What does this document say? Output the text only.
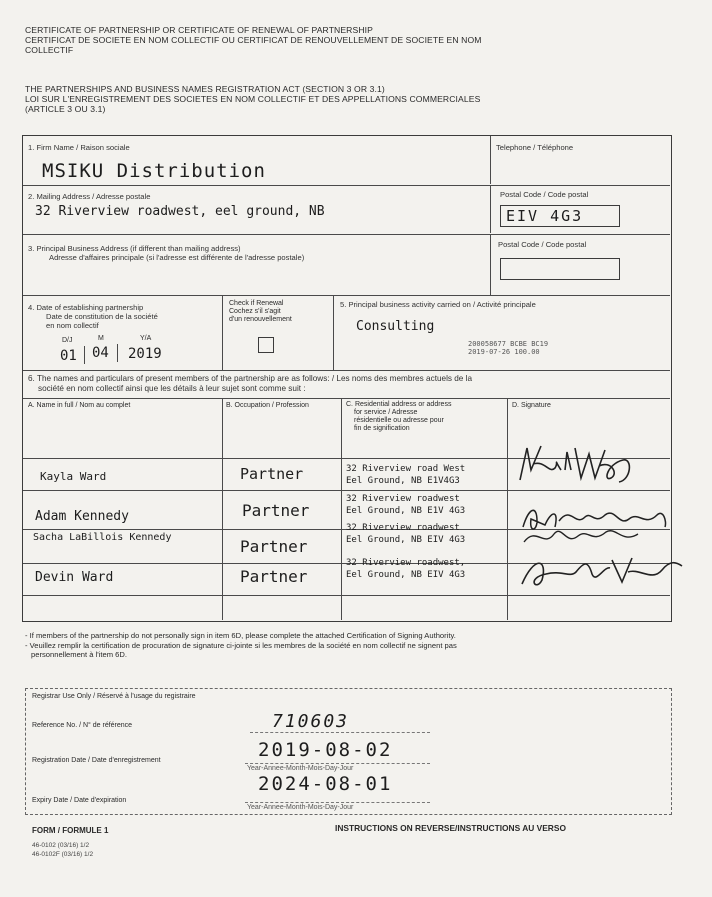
CERTIFICATE OF PARTNERSHIP OR CERTIFICATE OF RENEWAL OF PARTNERSHIP
CERTIFICAT DE SOCIETE EN NOM COLLECTIF OU CERTIFICAT DE RENOUVELLEMENT DE SOCIETE EN NOM
COLLECTIF
THE PARTNERSHIPS AND BUSINESS NAMES REGISTRATION ACT (SECTION 3 OR 3.1)
LOI SUR L'ENREGISTREMENT DES SOCIETES EN NOM COLLECTIF ET DES APPELLATIONS COMMERCIALES
(ARTICLE 3 OU 3.1)
1. Firm Name / Raison sociale
MSIKU Distribution
Telephone / Téléphone
2. Mailing Address / Adresse postale
32 Riverview roadwest, eel ground, NB
Postal Code / Code postal
EIV 4G3
3. Principal Business Address (if different than mailing address)
Adresse d'affaires principale (si l'adresse est différente de l'adresse postale)
Postal Code / Code postal
4. Date of establishing partnership
Date de constitution de la société
en nom collectif
D/J	M	Y/A
01 04 2019
Check if Renewal
Cochez s'il s'agit
d'un renouvellement
5. Principal business activity carried on / Activité principale
Consulting
200058677 BCBE BC19
2019-07-26 100.00
6. The names and particulars of present members of the partnership are as follows: / Les noms des membres actuels de la
société en nom collectif ainsi que les détails à leur sujet sont comme suit :
A. Name in full / Nom au complet	B. Occupation / Profession	C. Residential address or address
for service / Adresse
résidentielle ou adresse pour
fin de signification
D. Signature
Kayla Ward	Partner	32 Riverview road West
Eel Ground, NB E1V4G3
Adam Kennedy	Partner
32 Riverview roadwest
Eel Ground, NB E1V 4G3
Sacha LaBillois Kennedy	Partner
32 Riverview roadwest
Eel Ground, NB EIV 4G3
Devin Ward	Partner
32 Riverview roadwest,
Eel Ground, NB EIV 4G3
- If members of the partnership do not personally sign in item 6D, please complete the attached Certification of Signing Authority.
- Veuillez remplir la certification de procuration de signature ci-jointe si les membres de la société en nom collectif ne signent pas
personnellement à l'item 6D.
Registrar Use Only / Réservé à l'usage du registraire
Reference No. / N° de référence	710603
Registration Date / Date d'enregistrement	2019-08-02
Year-Annee-Month-Mois-Day-Jour
Expiry Date / Date d'expiration
2024-08-01
Year-Annee-Month-Mois-Day-Jour
FORM / FORMULE 1
46-0102 (03/16) 1/2
46-0102F (03/16) 1/2
INSTRUCTIONS ON REVERSE/INSTRUCTIONS AU VERSO
